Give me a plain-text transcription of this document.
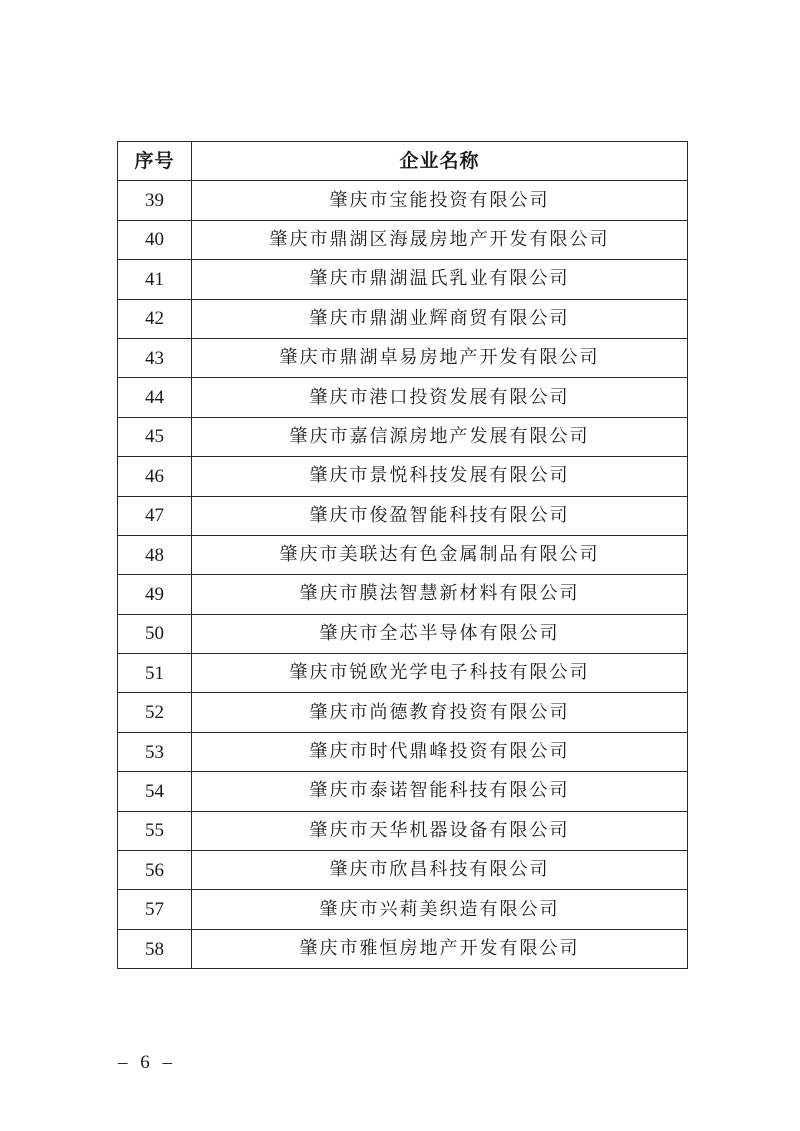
序号	企业名称
39	肇庆市宝能投资有限公司
40	肇庆市鼎湖区海晟房地产开发有限公司
41	肇庆市鼎湖温氏乳业有限公司
42	肇庆市鼎湖业辉商贸有限公司
43	肇庆市鼎湖卓易房地产开发有限公司
44	肇庆市港口投资发展有限公司
45	肇庆市嘉信源房地产发展有限公司
46	肇庆市景悦科技发展有限公司
47	肇庆市俊盈智能科技有限公司
48	肇庆市美联达有色金属制品有限公司
49	肇庆市膜法智慧新材料有限公司
50	肇庆市全芯半导体有限公司
51	肇庆市锐欧光学电子科技有限公司
52	肇庆市尚德教育投资有限公司
53	肇庆市时代鼎峰投资有限公司
54	肇庆市泰诺智能科技有限公司
55	肇庆市天华机器设备有限公司
56	肇庆市欣昌科技有限公司
57	肇庆市兴莉美织造有限公司
58	肇庆市雅恒房地产开发有限公司
– 6 –
